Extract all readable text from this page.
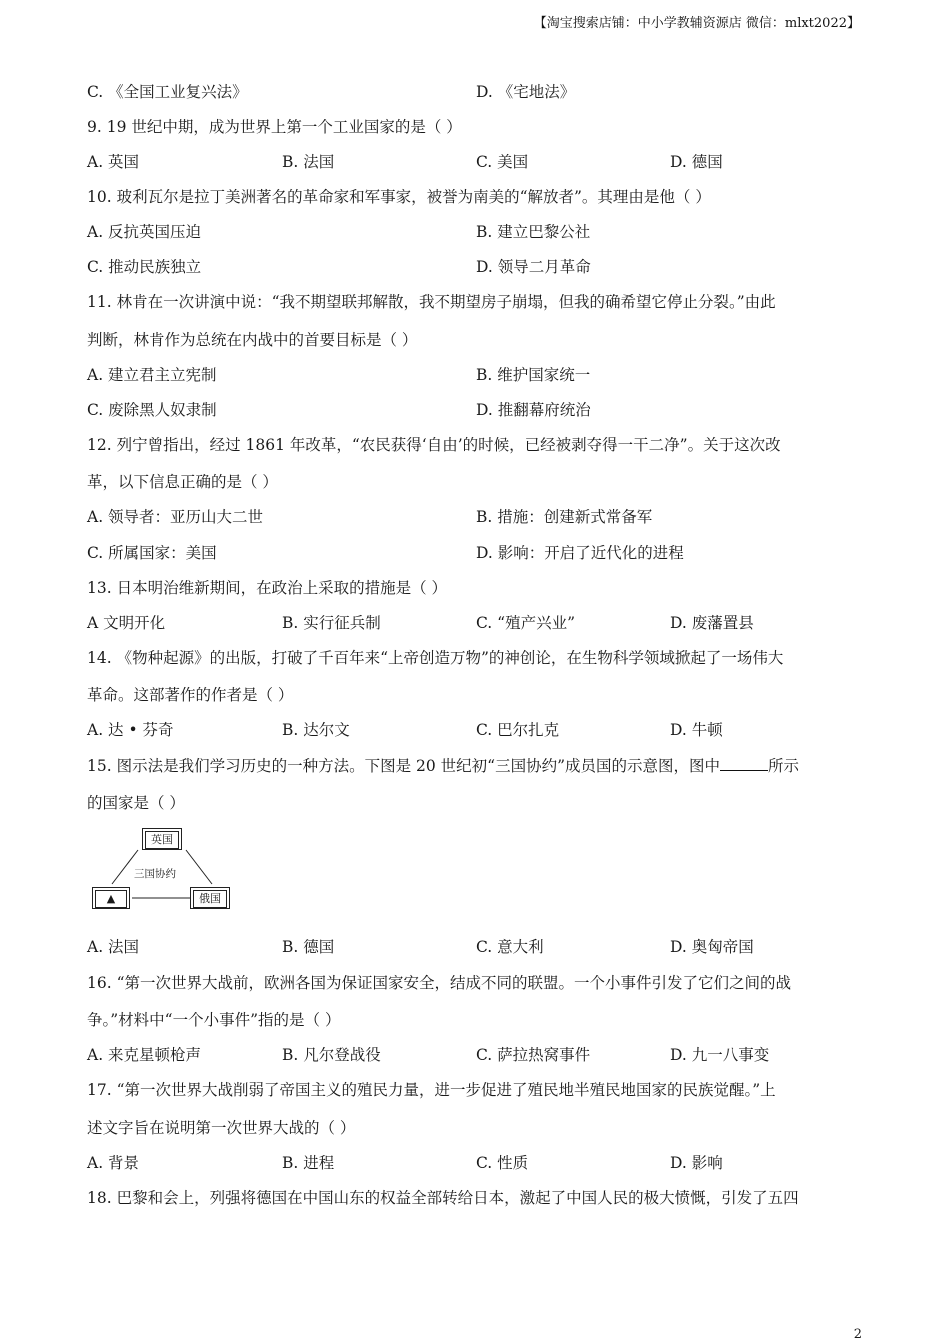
【淘宝搜索店铺：中小学教辅资源店 微信：mlxt2022】
C. 《全国工业复兴法》	D. 《宅地法》
9. 19 世纪中期，成为世界上第一个工业国家的是（ ）
A. 英国	B. 法国	C. 美国	D. 德国
10. 玻利瓦尔是拉丁美洲著名的革命家和军事家，被誉为南美的“解放者”。其理由是他（ ）
A. 反抗英国压迫	B. 建立巴黎公社
C. 推动民族独立	D. 领导二月革命
11. 林肯在一次讲演中说：“我不期望联邦解散，我不期望房子崩塌，但我的确希望它停止分裂。”由此
判断，林肯作为总统在内战中的首要目标是（ ）
A. 建立君主立宪制	B. 维护国家统一
C. 废除黑人奴隶制	D. 推翻幕府统治
12. 列宁曾指出，经过 1861 年改革，“农民获得‘自由’的时候，已经被剥夺得一干二净”。关于这次改
革，以下信息正确的是（ ）
A. 领导者：亚历山大二世	B. 措施：创建新式常备军
C. 所属国家：美国	D. 影响：开启了近代化的进程
13. 日本明治维新期间，在政治上采取的措施是（ ）
A 文明开化	B. 实行征兵制	C. “殖产兴业”	D. 废藩置县
14. 《物种起源》的出版，打破了千百年来“上帝创造万物”的神创论，在生物科学领域掀起了一场伟大
革命。这部著作的作者是（ ）
A. 达 • 芬奇	B. 达尔文	C. 巴尔扎克	D. 牛顿
15. 图示法是我们学习历史的一种方法。下图是 20 世纪初“三国协约”成员国的示意图，图中	所示
的国家是（ ）
英国
三国协约
▲	俄国
A. 法国	B. 德国	C. 意大利	D. 奥匈帝国
16. “第一次世界大战前，欧洲各国为保证国家安全，结成不同的联盟。一个小事件引发了它们之间的战
争。”材料中“一个小事件”指的是（ ）
A. 来克星顿枪声	B. 凡尔登战役	C. 萨拉热窝事件	D. 九一八事变
17. “第一次世界大战削弱了帝国主义的殖民力量，进一步促进了殖民地半殖民地国家的民族觉醒。”上
述文字旨在说明第一次世界大战的（ ）
A. 背景	B. 进程	C. 性质	D. 影响
18. 巴黎和会上，列强将德国在中国山东的权益全部转给日本，激起了中国人民的极大愤慨，引发了五四
2
